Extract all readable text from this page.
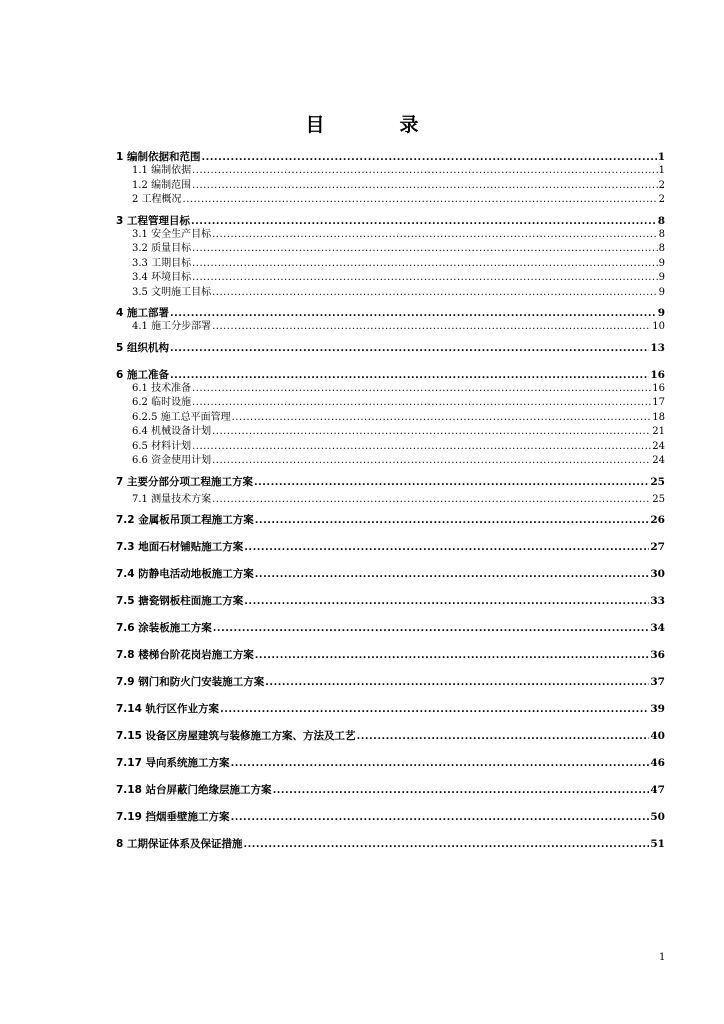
目　录
1 编制依据和范围 .....	1
1.1 编制依据 .....	1
1.2 编制范围 .....	2
2 工程概况 .....	2
3 工程管理目标 .....	8
3.1 安全生产目标 .....	8
3.2 质量目标 .....	8
3.3 工期目标 .....	9
3.4 环境目标 .....	9
3.5 文明施工目标 .....	9
4 施工部署 .....	9
4.1 施工分步部署 .....	10
5 组织机构 .....	13
6 施工准备 .....	16
6.1 技术准备 .....	16
6.2 临时设施 .....	17
6.2.5 施工总平面管理 .....	18
6.4 机械设备计划 .....	21
6.5 材料计划 .....	24
6.6 资金使用计划 .....	24
7 主要分部分项工程施工方案 .....	25
7.1 测量技术方案 .....	25
7.2 金属板吊顶工程施工方案 .....	26
7.3 地面石材铺贴施工方案 .....	27
7.4 防静电活动地板施工方案 .....	30
7.5 搪瓷钢板柱面施工方案 .....	33
7.6 涂装板施工方案 .....	34
7.8 楼梯台阶花岗岩施工方案 .....	36
7.9 钢门和防火门安装施工方案 .....	37
7.14 轨行区作业方案 .....	39
7.15 设备区房屋建筑与装修施工方案、方法及工艺 .....	40
7.17 导向系统施工方案 .....	46
7.18 站台屏蔽门绝缘层施工方案 .....	47
7.19 挡烟垂壁施工方案 .....	50
8 工期保证体系及保证措施 .....	51
1
